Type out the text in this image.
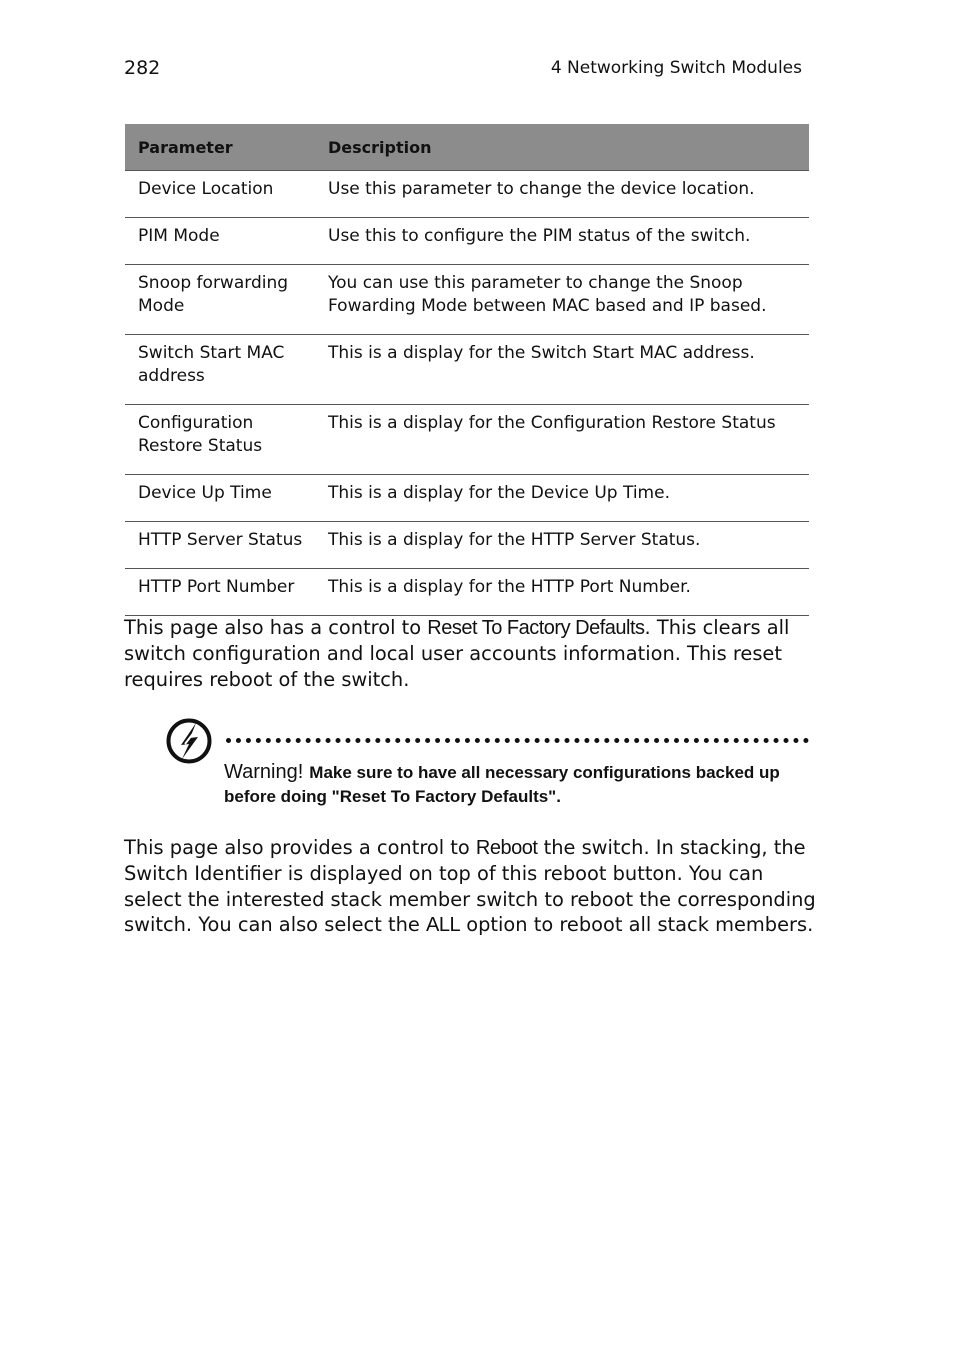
282	4 Networking Switch Modules
Parameter	Description
Device Location	Use this parameter to change the device location.
PIM Mode	Use this to configure the PIM status of the switch.
Snoop forwarding Mode	You can use this parameter to change the Snoop Fowarding Mode between MAC based and IP based.
Switch Start MAC address	This is a display for the Switch Start MAC address.
Configuration Restore Status	This is a display for the Configuration Restore Status
Device Up Time	This is a display for the Device Up Time.
HTTP Server Status	This is a display for the HTTP Server Status.
HTTP Port Number	This is a display for the HTTP Port Number.

This page also has a control to Reset To Factory Defaults. This clears all switch configuration and local user accounts information. This reset requires reboot of the switch.

Warning! Make sure to have all necessary configurations backed up before doing "Reset To Factory Defaults".

This page also provides a control to Reboot the switch. In stacking, the Switch Identifier is displayed on top of this reboot button. You can select the interested stack member switch to reboot the corresponding switch. You can also select the ALL option to reboot all stack members.
